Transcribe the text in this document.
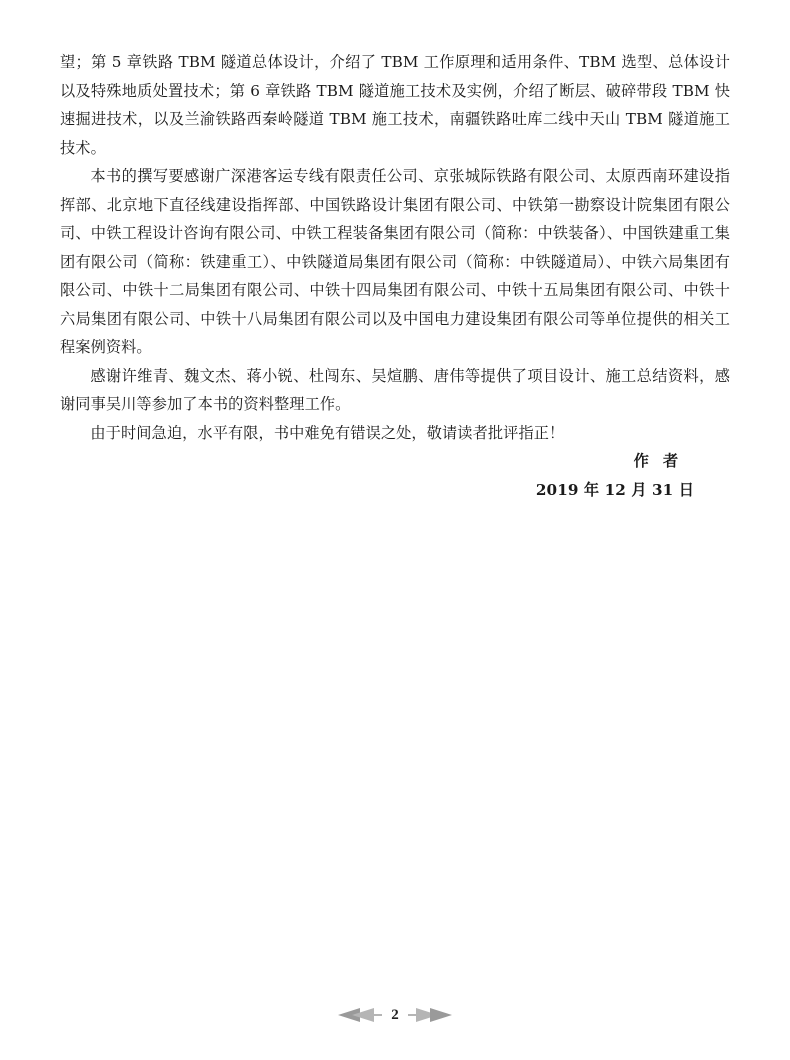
望；第 5 章铁路 TBM 隧道总体设计，介绍了 TBM 工作原理和适用条件、TBM 选型、总体设计以及特殊地质处置技术；第 6 章铁路 TBM 隧道施工技术及实例，介绍了断层、破碎带段 TBM 快速掘进技术，以及兰渝铁路西秦岭隧道 TBM 施工技术，南疆铁路吐库二线中天山 TBM 隧道施工技术。

本书的撰写要感谢广深港客运专线有限责任公司、京张城际铁路有限公司、太原西南环建设指挥部、北京地下直径线建设指挥部、中国铁路设计集团有限公司、中铁第一勘察设计院集团有限公司、中铁工程设计咨询有限公司、中铁工程装备集团有限公司（简称：中铁装备）、中国铁建重工集团有限公司（简称：铁建重工）、中铁隧道局集团有限公司（简称：中铁隧道局）、中铁六局集团有限公司、中铁十二局集团有限公司、中铁十四局集团有限公司、中铁十五局集团有限公司、中铁十六局集团有限公司、中铁十八局集团有限公司以及中国电力建设集团有限公司等单位提供的相关工程案例资料。

感谢许维青、魏文杰、蒋小锐、杜闯东、吴煊鹏、唐伟等提供了项目设计、施工总结资料，感谢同事吴川等参加了本书的资料整理工作。

由于时间急迫，水平有限，书中难免有错误之处，敬请读者批评指正！

作者

2019 年 12 月 31 日

2
